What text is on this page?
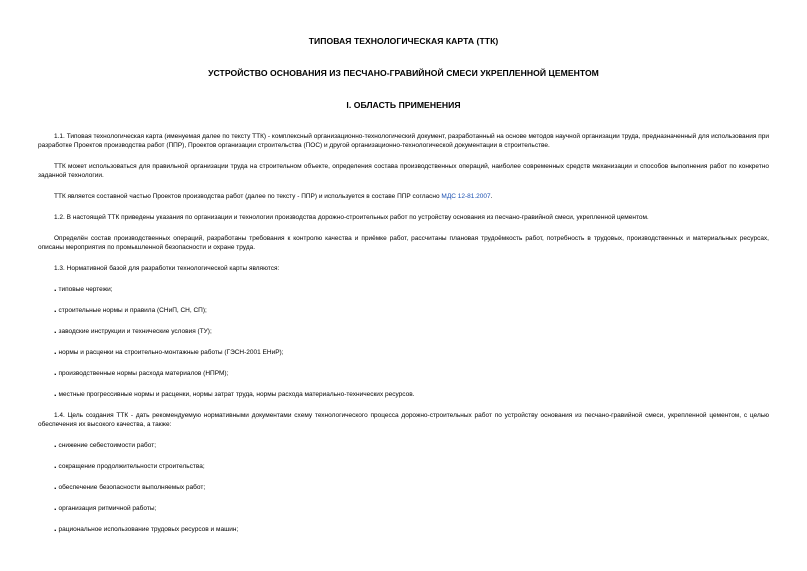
ТИПОВАЯ ТЕХНОЛОГИЧЕСКАЯ КАРТА (ТТК)
УСТРОЙСТВО ОСНОВАНИЯ ИЗ ПЕСЧАНО-ГРАВИЙНОЙ СМЕСИ УКРЕПЛЕННОЙ ЦЕМЕНТОМ
I. ОБЛАСТЬ ПРИМЕНЕНИЯ

1.1. Типовая технологическая карта (именуемая далее по тексту ТТК) - комплексный организационно-технологический документ, разработанный на основе методов научной организации труда, предназначенный для использования при разработке Проектов производства работ (ППР), Проектов организации строительства (ПОС) и другой организационно-технологической документации в строительстве.

ТТК может использоваться для правильной организации труда на строительном объекте, определения состава производственных операций, наиболее современных средств механизации и способов выполнения работ по конкретно заданной технологии.

ТТК является составной частью Проектов производства работ (далее по тексту - ППР) и используется в составе ППР согласно МДС 12-81.2007.

1.2. В настоящей ТТК приведены указания по организации и технологии производства дорожно-строительных работ по устройству основания из песчано-гравийной смеси, укрепленной цементом.

Определён состав производственных операций, разработаны требования к контролю качества и приёмке работ, рассчитаны плановая трудоёмкость работ, потребность в трудовых, производственных и материальных ресурсах, описаны мероприятия по промышленной безопасности и охране труда.

1.3. Нормативной базой для разработки технологической карты являются:

. типовые чертежи;
. строительные нормы и правила (СНиП, СН, СП);
. заводские инструкции и технические условия (ТУ);
. нормы и расценки на строительно-монтажные работы (ГЭСН-2001 ЕНиР);
. производственные нормы расхода материалов (НПРМ);
. местные прогрессивные нормы и расценки, нормы затрат труда, нормы расхода материально-технических ресурсов.

1.4. Цель создания ТТК - дать рекомендуемую нормативными документами схему технологического процесса дорожно-строительных работ по устройству основания из песчано-гравийной смеси, укрепленной цементом, с целью обеспечения их высокого качества, а также:

. снижение себестоимости работ;
. сокращение продолжительности строительства;
. обеспечение безопасности выполняемых работ;
. организация ритмичной работы;
. рациональное использование трудовых ресурсов и машин;
